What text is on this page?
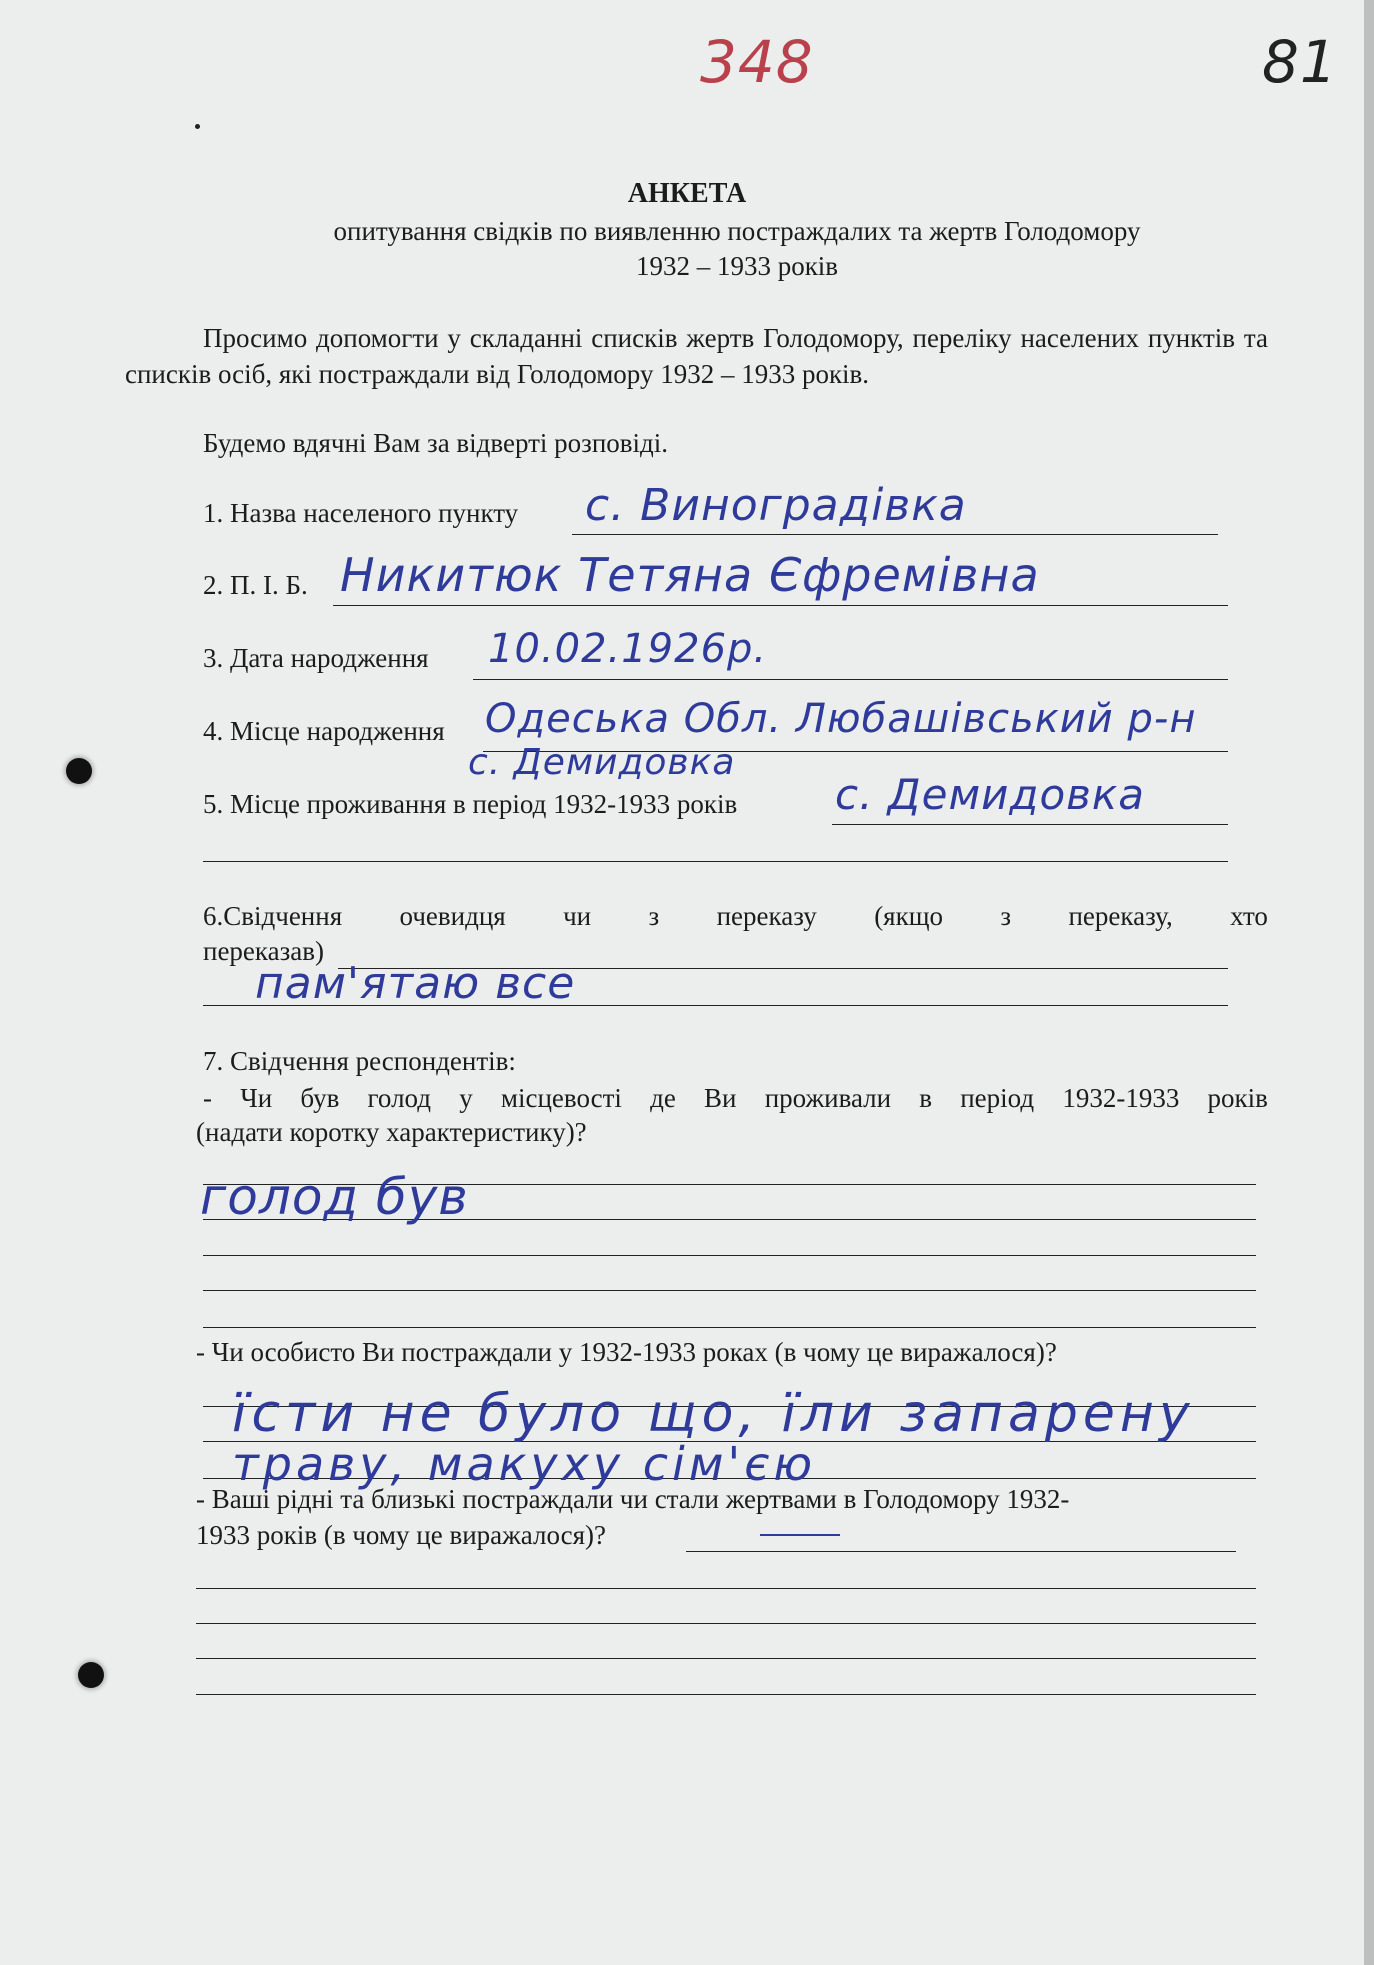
348	81
АНКЕТА
опитування свідків по виявленню постраждалих та жертв Голодомору
1932 – 1933 років
Просимо допомогти у складанні списків жертв Голодомору, переліку населених пунктів та списків осіб, які постраждали від Голодомору 1932 – 1933 років.
Будемо вдячні Вам за відверті розповіді.
1. Назва населеного пункту с. Виноградівка
2. П. І. Б. Никитюк Тетяна Єфремівна
3. Дата народження 10.02.1926р.
4. Місце народження Одеська Обл. Любашівський р-н
с. Демидовка
5. Місце проживання в період 1932-1933 років с. Демидовка
6.Свідчення очевидця чи з переказу (якщо з переказу, хто
переказав)
пам'ятаю все
7. Свідчення респондентів:
- Чи був голод у місцевості де Ви проживали в період 1932-1933 років
(надати коротку характеристику)?
голод був
- Чи особисто Ви постраждали у 1932-1933 роках (в чому це виражалося)?
їсти не було що, їли запарену
траву, макуху сім'єю
- Ваші рідні та близькі постраждали чи стали жертвами в Голодомору 1932-
1933 років (в чому це виражалося)?
